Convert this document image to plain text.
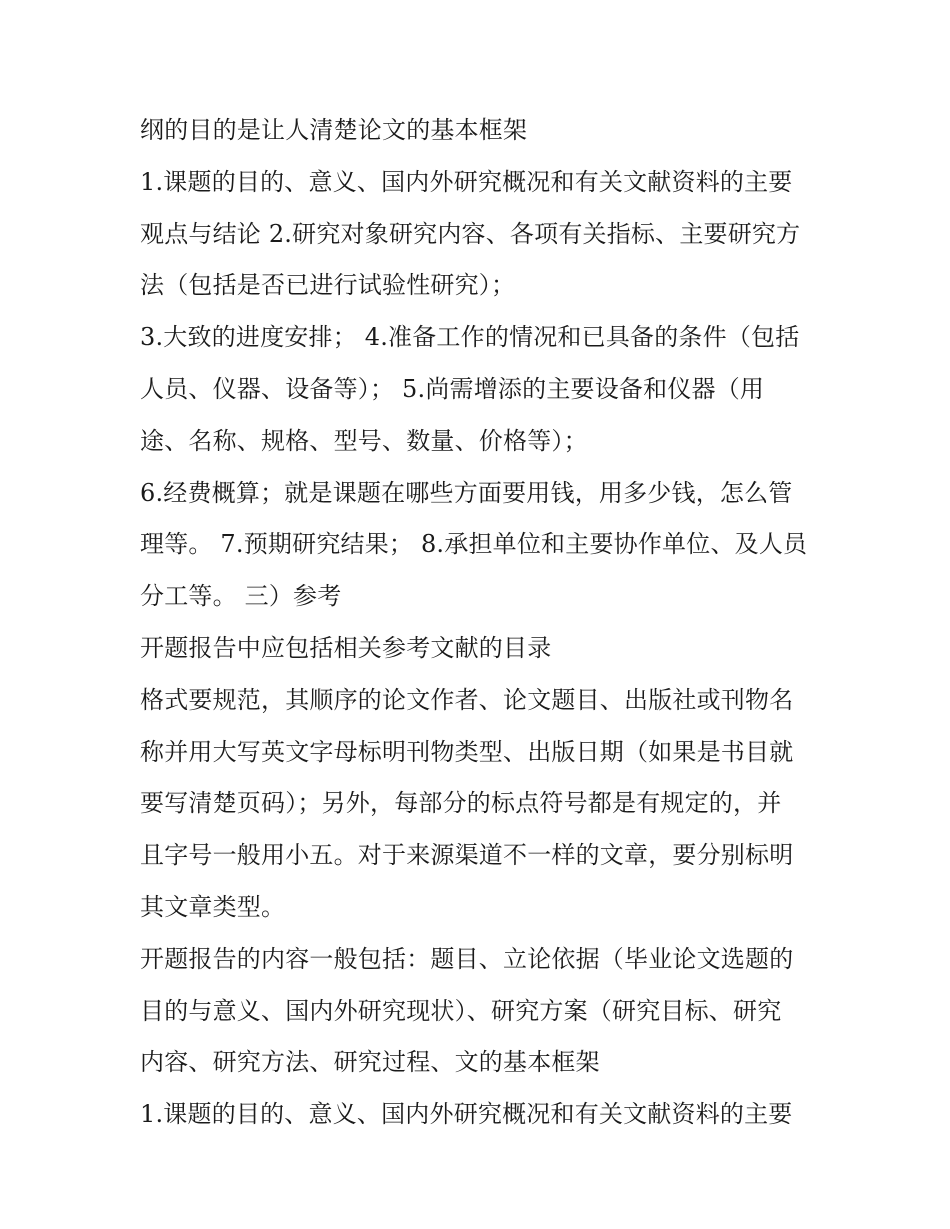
纲的目的是让人清楚论文的基本框架
1.课题的目的、意义、国内外研究概况和有关文献资料的主要
观点与结论 2.研究对象研究内容、各项有关指标、主要研究方
法（包括是否已进行试验性研究）；
3.大致的进度安排； 4.准备工作的情况和已具备的条件（包括
人员、仪器、设备等）； 5.尚需增添的主要设备和仪器（用
途、名称、规格、型号、数量、价格等）；
6.经费概算；就是课题在哪些方面要用钱，用多少钱，怎么管
理等。 7.预期研究结果； 8.承担单位和主要协作单位、及人员
分工等。 三）参考
开题报告中应包括相关参考文献的目录
格式要规范，其顺序的论文作者、论文题目、出版社或刊物名
称并用大写英文字母标明刊物类型、出版日期（如果是书目就
要写清楚页码）；另外，每部分的标点符号都是有规定的，并
且字号一般用小五。对于来源渠道不一样的文章，要分别标明
其文章类型。
开题报告的内容一般包括：题目、立论依据（毕业论文选题的
目的与意义、国内外研究现状）、研究方案（研究目标、研究
内容、研究方法、研究过程、文的基本框架
1.课题的目的、意义、国内外研究概况和有关文献资料的主要
